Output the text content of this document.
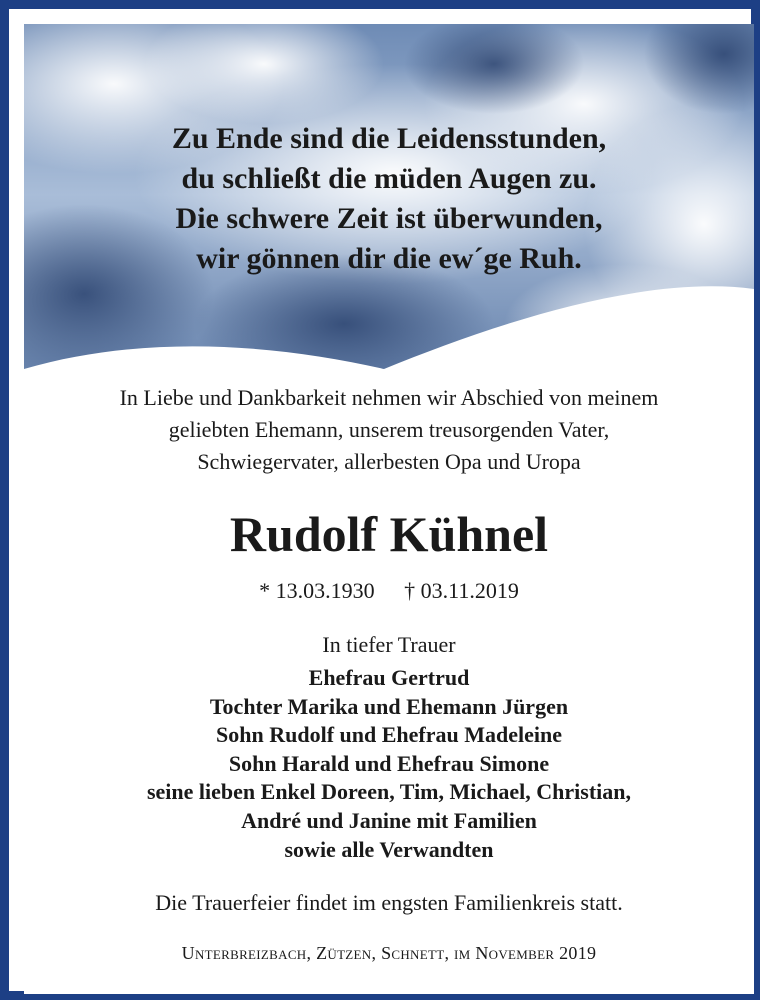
Zu Ende sind die Leidensstunden,
du schließt die müden Augen zu.
Die schwere Zeit ist überwunden,
wir gönnen dir die ew´ge Ruh.
In Liebe und Dankbarkeit nehmen wir Abschied von meinem
geliebten Ehemann, unserem treusorgenden Vater,
Schwiegervater, allerbesten Opa und Uropa
Rudolf Kühnel
* 13.03.1930 † 03.11.2019
In tiefer Trauer
Ehefrau Gertrud
Tochter Marika und Ehemann Jürgen
Sohn Rudolf und Ehefrau Madeleine
Sohn Harald und Ehefrau Simone
seine lieben Enkel Doreen, Tim, Michael, Christian,
André und Janine mit Familien
sowie alle Verwandten
Die Trauerfeier findet im engsten Familienkreis statt.
Unterbreizbach, Zützen, Schnett, im November 2019
